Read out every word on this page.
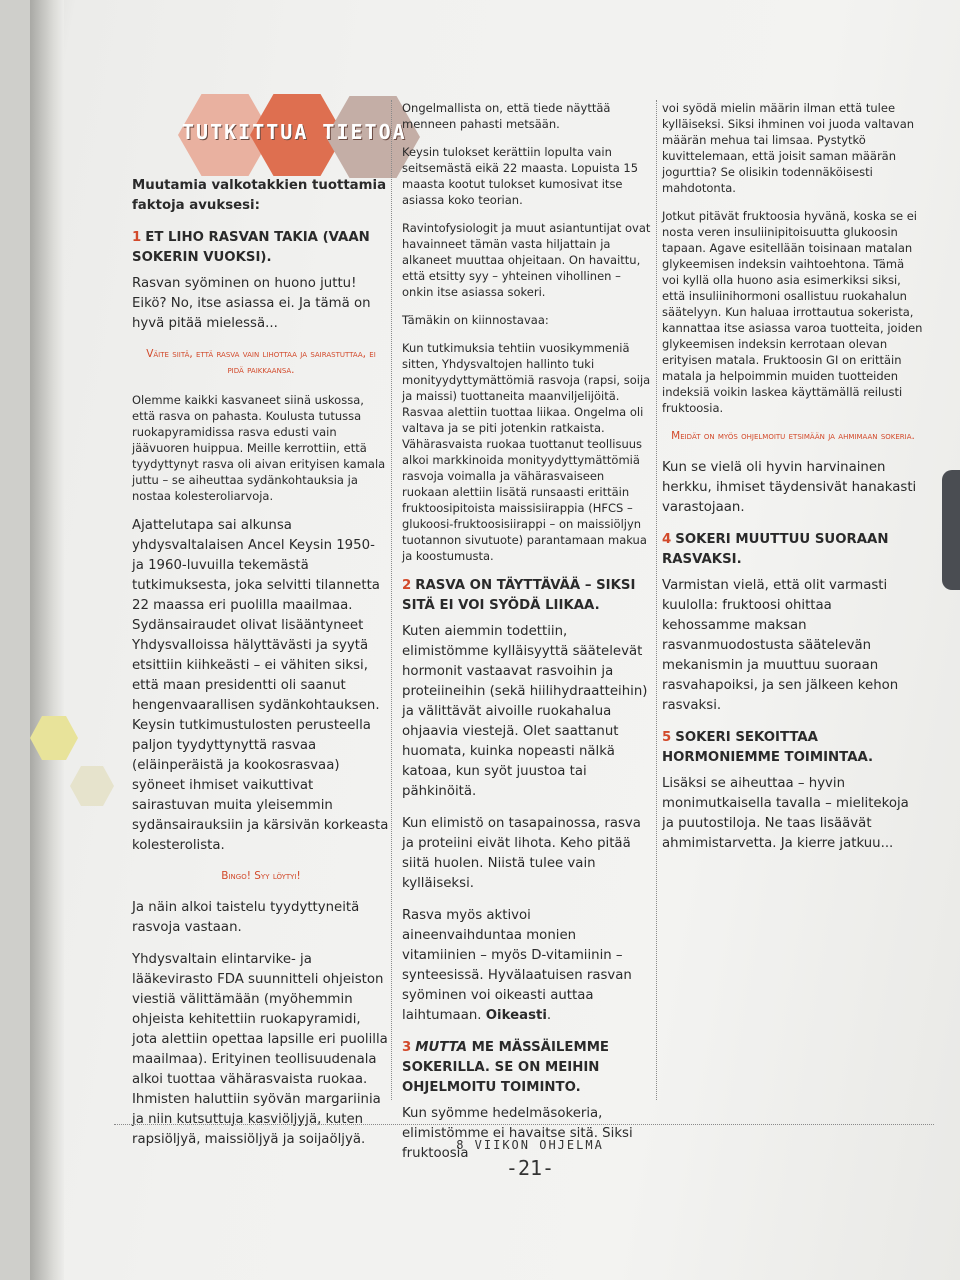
TUTKITTUA TIETOA
Muutamia valkotakkien tuottamia faktoja avuksesi:
1 ET LIHO RASVAN TAKIA (VAAN SOKERIN VUOKSI).

Rasvan syöminen on huono juttu! Eikö? No, itse asiassa ei. Ja tämä on hyvä pitää mielessä...

Väite siitä, että rasva vain lihottaa ja sairastuttaa, ei pidä paikkaansa.

Olemme kaikki kasvaneet siinä uskossa, että rasva on pahasta. Koulusta tutussa ruokapyramidissa rasva edusti vain jäävuoren huippua. Meille kerrottiin, että tyydyttynyt rasva oli aivan erityisen kamala juttu – se aiheuttaa sydänkohtauksia ja nostaa kolesteroliarvoja.

Ajattelutapa sai alkunsa yhdysvaltalaisen Ancel Keysin 1950- ja 1960-luvuilla tekemästä tutkimuksesta, joka selvitti tilannetta 22 maassa eri puolilla maailmaa. Sydänsairaudet olivat lisääntyneet Yhdysvalloissa hälyttävästi ja syytä etsittiin kiihkeästi – ei vähiten siksi, että maan presidentti oli saanut hengenvaarallisen sydänkohtauksen. Keysin tutkimustulosten perusteella paljon tyydyttynyttä rasvaa (eläinperäistä ja kookosrasvaa) syöneet ihmiset vaikuttivat sairastuvan muita yleisemmin sydänsairauksiin ja kärsivän korkeasta kolesterolista.

Bingo! Syy löytyi!

Ja näin alkoi taistelu tyydyttyneitä rasvoja vastaan.

Yhdysvaltain elintarvike- ja lääkevirasto FDA suunnitteli ohjeiston viestiä välittämään (myöhemmin ohjeista kehitettiin ruokapyramidi, jota alettiin opettaa lapsille eri puolilla maailmaa). Erityinen teollisuudenala alkoi tuottaa vähärasvaista ruokaa. Ihmisten haluttiin syövän margariinia ja niin kutsuttuja kasviöljyjä, kuten rapsiöljyä, maissiöljyä ja soijaöljyä.

Ongelmallista on, että tiede näyttää menneen pahasti metsään.

Keysin tulokset kerättiin lopulta vain seitsemästä eikä 22 maasta. Lopuista 15 maasta kootut tulokset kumosivat itse asiassa koko teorian.

Ravintofysiologit ja muut asiantuntijat ovat havainneet tämän vasta hiljattain ja alkaneet muuttaa ohjeitaan. On havaittu, että etsitty syy – yhteinen vihollinen – onkin itse asiassa sokeri.

Tämäkin on kiinnostavaa:

Kun tutkimuksia tehtiin vuosikymmeniä sitten, Yhdysvaltojen hallinto tuki monityydyttymättömiä rasvoja (rapsi, soija ja maissi) tuottaneita maanviljelijöitä. Rasvaa alettiin tuottaa liikaa. Ongelma oli valtava ja se piti jotenkin ratkaista. Vähärasvaista ruokaa tuottanut teollisuus alkoi markkinoida monityydyttymättömiä rasvoja voimalla ja vähärasvaiseen ruokaan alettiin lisätä runsaasti erittäin fruktoosipitoista maissisiirappia (HFCS – glukoosi-fruktoosisiirappi – on maissiöljyn tuotannon sivutuote) parantamaan makua ja koostumusta.

2 RASVA ON TÄYTTÄVÄÄ – SIKSI SITÄ EI VOI SYÖDÄ LIIKAA.

Kuten aiemmin todettiin, elimistömme kylläisyyttä säätelevät hormonit vastaavat rasvoihin ja proteiineihin (sekä hiilihydraatteihin) ja välittävät aivoille ruokahalua ohjaavia viestejä. Olet saattanut huomata, kuinka nopeasti nälkä katoaa, kun syöt juustoa tai pähkinöitä.

Kun elimistö on tasapainossa, rasva ja proteiini eivät lihota. Keho pitää siitä huolen. Niistä tulee vain kylläiseksi.

Rasva myös aktivoi aineenvaihduntaa monien vitamiinien – myös D-vitamiinin – synteesissä. Hyvälaatuisen rasvan syöminen voi oikeasti auttaa laihtumaan. Oikeasti.

3 MUTTA ME MÄSSÄILEMME SOKERILLA. SE ON MEIHIN OHJELMOITU TOIMINTO.

Kun syömme hedelmäsokeria, elimistömme ei havaitse sitä. Siksi fruktoosia

voi syödä mielin määrin ilman että tulee kylläiseksi. Siksi ihminen voi juoda valtavan määrän mehua tai limsaa. Pystytkö kuvittelemaan, että joisit saman määrän jogurttia? Se olisikin todennäköisesti mahdotonta.

Jotkut pitävät fruktoosia hyvänä, koska se ei nosta veren insuliinipitoisuutta glukoosin tapaan. Agave esitellään toisinaan matalan glykeemisen indeksin vaihtoehtona. Tämä voi kyllä olla huono asia esimerkiksi siksi, että insuliinihormoni osallistuu ruokahalun säätelyyn. Kun haluaa irrottautua sokerista, kannattaa itse asiassa varoa tuotteita, joiden glykeemisen indeksin kerrotaan olevan erityisen matala. Fruktoosin GI on erittäin matala ja helpoimmin muiden tuotteiden indeksiä voikin laskea käyttämällä reilusti fruktoosia.

Meidät on myös ohjelmoitu etsimään ja ahmimaan sokeria.

Kun se vielä oli hyvin harvinainen herkku, ihmiset täydensivät hanakasti varastojaan.

4 SOKERI MUUTTUU SUORAAN RASVAKSI.

Varmistan vielä, että olit varmasti kuulolla: fruktoosi ohittaa kehossamme maksan rasvanmuodostusta säätelevän mekanismin ja muuttuu suoraan rasvahapoiksi, ja sen jälkeen kehon rasvaksi.

5 SOKERI SEKOITTAA HORMONIEMME TOIMINTAA.

Lisäksi se aiheuttaa – hyvin monimutkaisella tavalla – mielitekoja ja puutostiloja. Ne taas lisäävät ahmimistarvetta. Ja kierre jatkuu...

8 VIIKON OHJELMA
-21-
